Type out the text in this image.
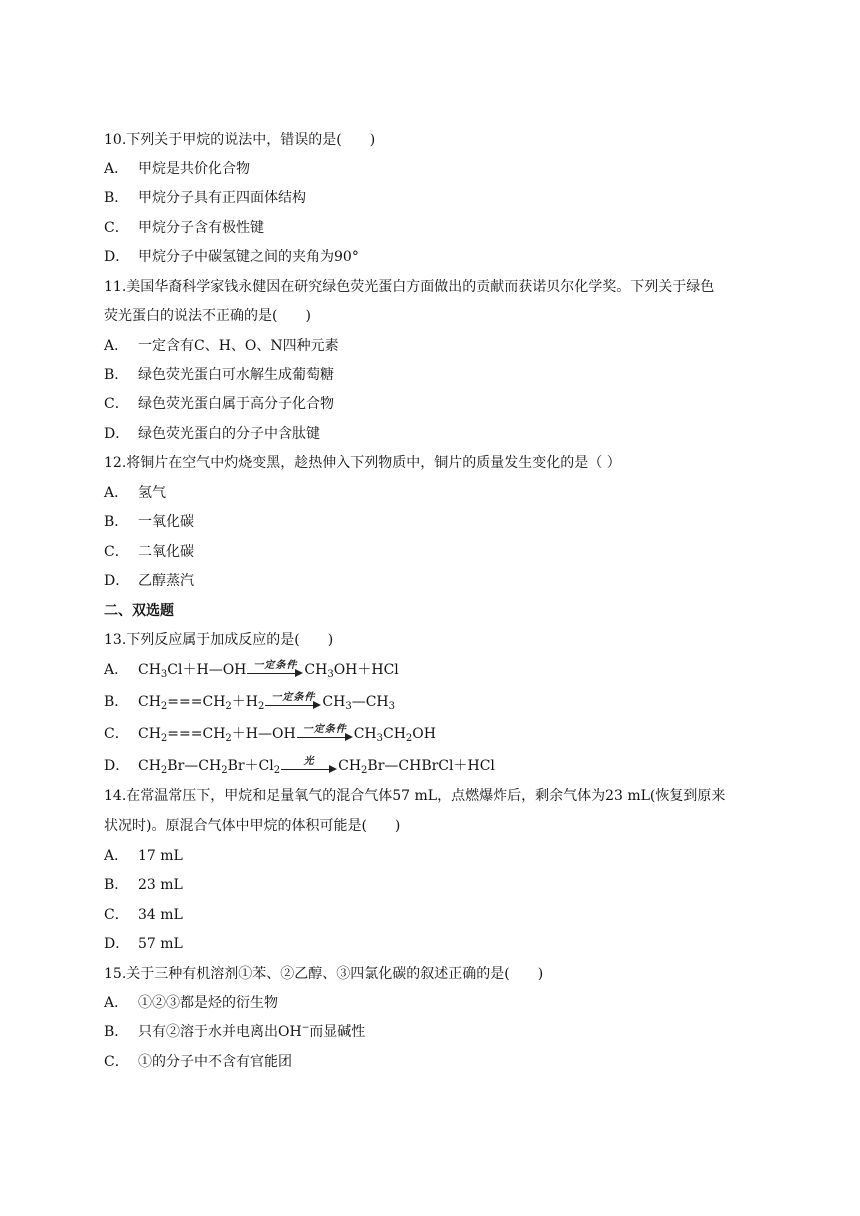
10.下列关于甲烷的说法中，错误的是(　　)
A． 甲烷是共价化合物
B． 甲烷分子具有正四面体结构
C． 甲烷分子含有极性键
D． 甲烷分子中碳氢键之间的夹角为90°
11.美国华裔科学家钱永健因在研究绿色荧光蛋白方面做出的贡献而获诺贝尔化学奖。下列关于绿色
荧光蛋白的说法不正确的是(　　)
A． 一定含有C、H、O、N四种元素
B． 绿色荧光蛋白可水解生成葡萄糖
C． 绿色荧光蛋白属于高分子化合物
D． 绿色荧光蛋白的分子中含肽键
12.将铜片在空气中灼烧变黑，趁热伸入下列物质中，铜片的质量发生变化的是（ ）
A． 氢气
B． 一氧化碳
C． 二氧化碳
D． 乙醇蒸汽
二、双选题
13.下列反应属于加成反应的是(　　)
A． $CH_3Cl+H—OH$ 一定条件 $CH_3OH+HCl$
B． $CH_2===CH_2+H_2$
一定条件 $CH_3—CH_3$
C． $CH_2===CH_2+H—OH$ 一定条件 $CH_3CH_2OH$
D． $CH_2Br—CH_2Br+Cl_2$
光	$CH_2Br—CHBrCl+HCl$
14.在常温常压下，甲烷和足量氧气的混合气体57 mL，点燃爆炸后，剩余气体为23 mL(恢复到原来
状况时)。原混合气体中甲烷的体积可能是(　　)
A． 17 mL
B． 23 mL
C． 34 mL
D． 57 mL
15.关于三种有机溶剂①苯、②乙醇、③四氯化碳的叙述正确的是(　　)
A． ①②③都是烃的衍生物
B． 只有②溶于水并电离出OH−而显碱性
C． ①的分子中不含有官能团
